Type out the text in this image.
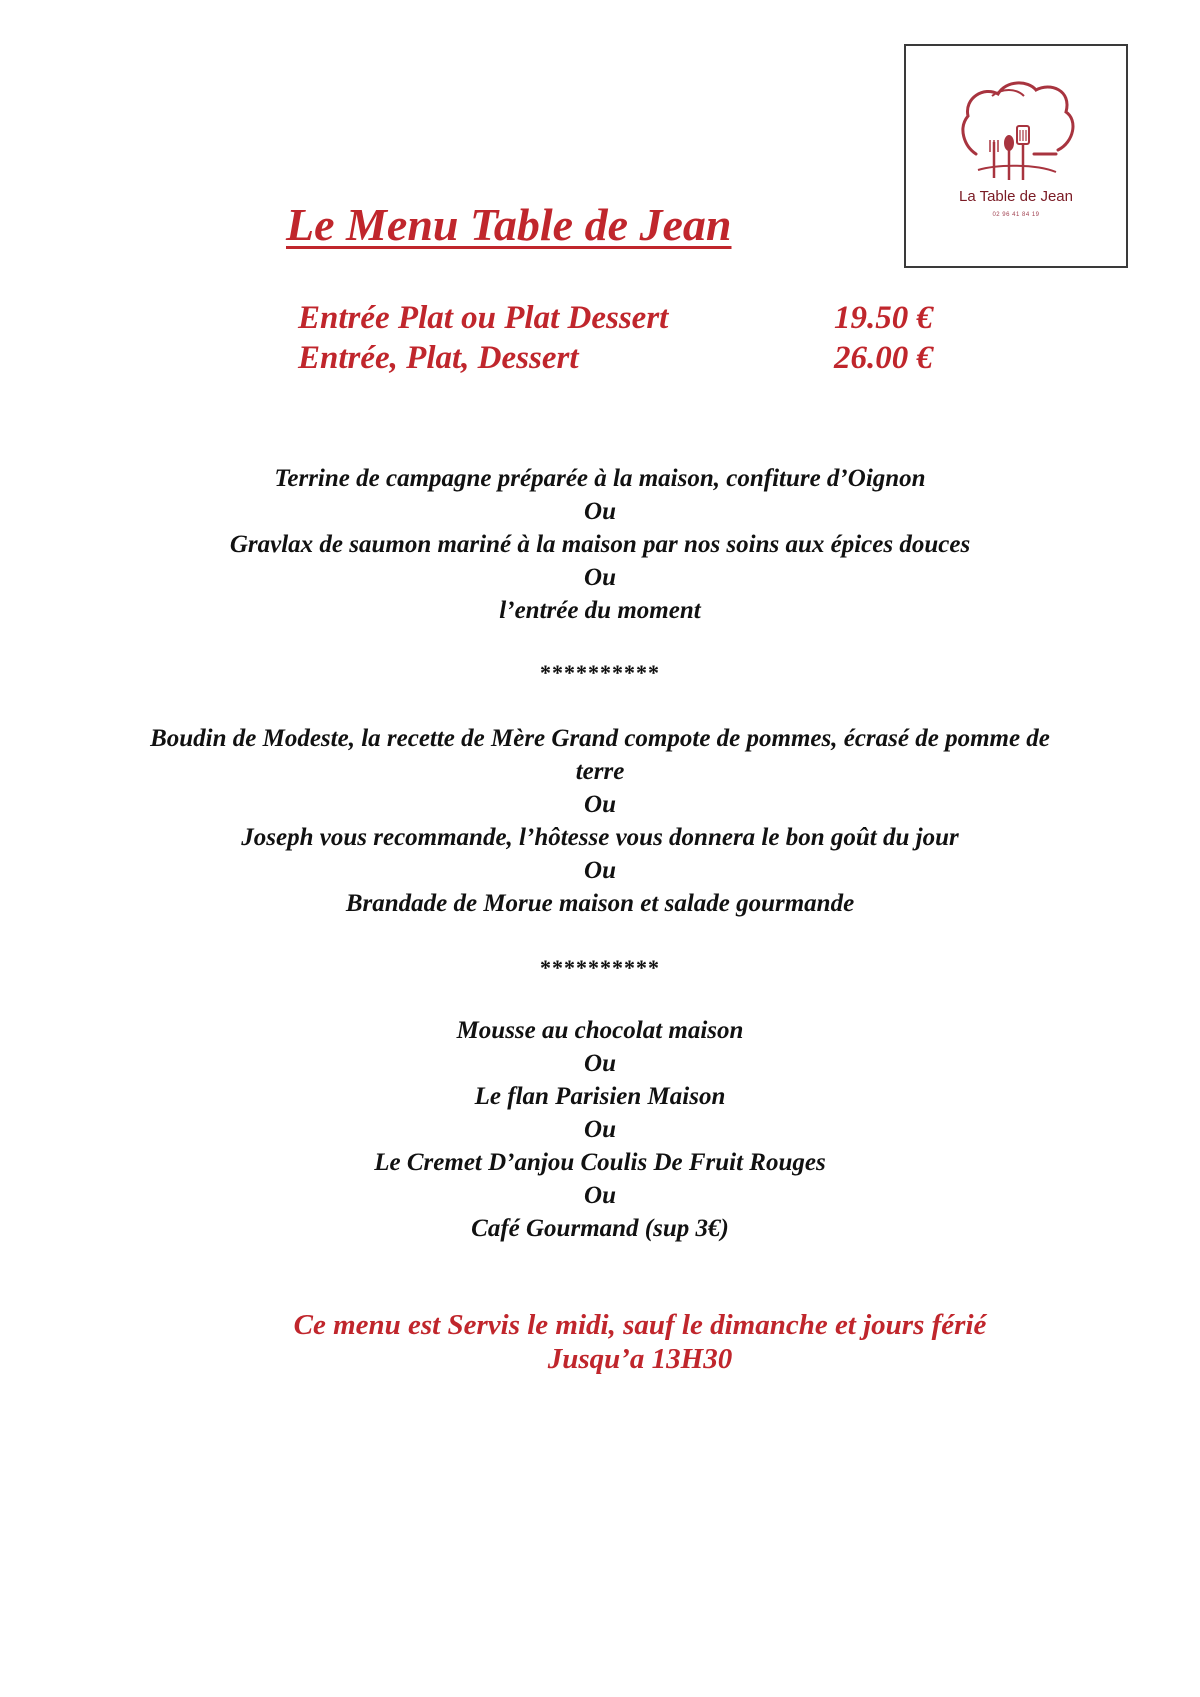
La Table de Jean
02 96 41 84 19
Le Menu Table de Jean
Entrée Plat ou Plat Dessert	19.50 €
Entrée, Plat, Dessert	26.00 €
Terrine de campagne préparée à la maison, confiture d’Oignon
Ou
Gravlax de saumon mariné à la maison par nos soins aux épices douces
Ou
l’entrée du moment
**********
Boudin de Modeste, la recette de Mère Grand compote de pommes, écrasé de pomme de terre
Ou
Joseph vous recommande, l’hôtesse vous donnera le bon goût du jour
Ou
Brandade de Morue maison et salade gourmande
**********
Mousse au chocolat maison
Ou
Le flan Parisien Maison
Ou
Le Cremet D’anjou Coulis De Fruit Rouges
Ou
Café Gourmand (sup 3€)
Ce menu est Servis le midi, sauf le dimanche et jours férié
Jusqu’a 13H30
